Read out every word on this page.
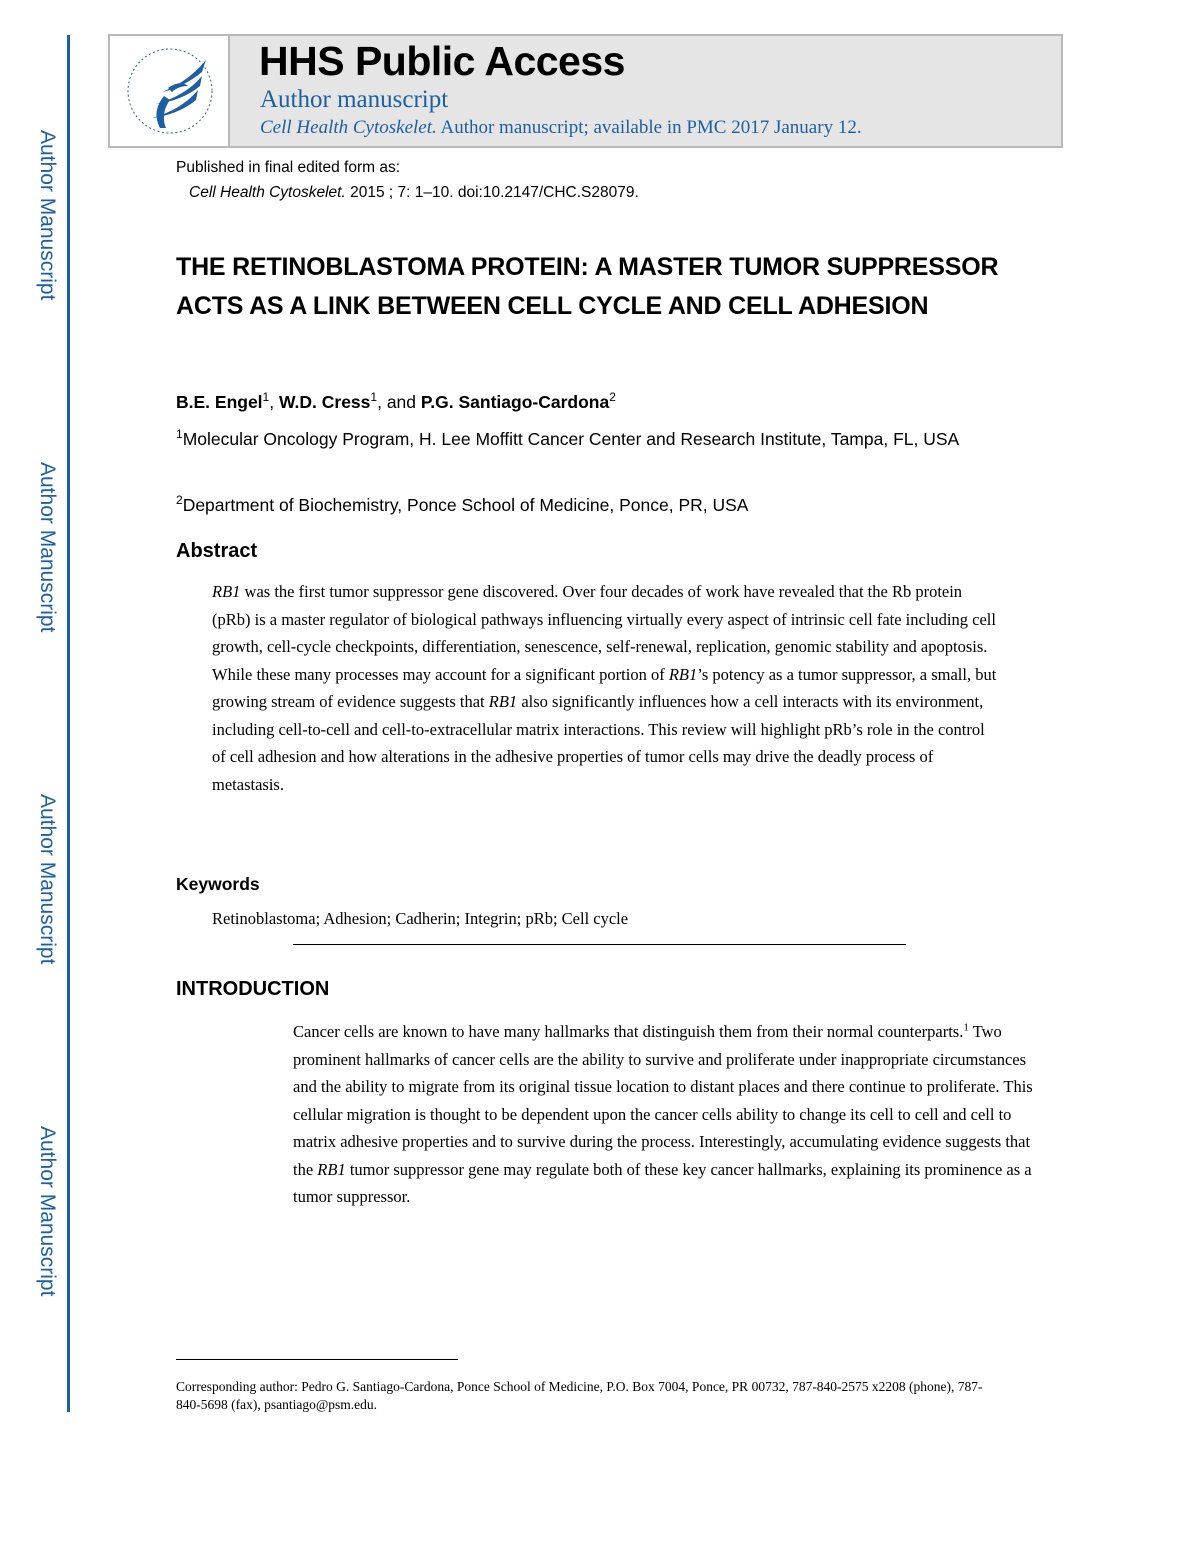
Author Manuscript
Author Manuscript
Author Manuscript
Author Manuscript
HHS Public Access
Author manuscript
Cell Health Cytoskelet. Author manuscript; available in PMC 2017 January 12.
Published in final edited form as:
Cell Health Cytoskelet. 2015 ; 7: 1–10. doi:10.2147/CHC.S28079.
THE RETINOBLASTOMA PROTEIN: A MASTER TUMOR SUPPRESSOR ACTS AS A LINK BETWEEN CELL CYCLE AND CELL ADHESION
B.E. Engel$^1$, W.D. Cress$^1$, and P.G. Santiago-Cardona$^2$
$^1$Molecular Oncology Program, H. Lee Moffitt Cancer Center and Research Institute, Tampa, FL, USA
$^2$Department of Biochemistry, Ponce School of Medicine, Ponce, PR, USA
Abstract
RB1 was the first tumor suppressor gene discovered. Over four decades of work have revealed that the Rb protein (pRb) is a master regulator of biological pathways influencing virtually every aspect of intrinsic cell fate including cell growth, cell-cycle checkpoints, differentiation, senescence, self-renewal, replication, genomic stability and apoptosis. While these many processes may account for a significant portion of RB1’s potency as a tumor suppressor, a small, but growing stream of evidence suggests that RB1 also significantly influences how a cell interacts with its environment, including cell-to-cell and cell-to-extracellular matrix interactions. This review will highlight pRb’s role in the control of cell adhesion and how alterations in the adhesive properties of tumor cells may drive the deadly process of metastasis.
Keywords
Retinoblastoma; Adhesion; Cadherin; Integrin; pRb; Cell cycle
INTRODUCTION
Cancer cells are known to have many hallmarks that distinguish them from their normal counterparts.$^1$ Two prominent hallmarks of cancer cells are the ability to survive and proliferate under inappropriate circumstances and the ability to migrate from its original tissue location to distant places and there continue to proliferate. This cellular migration is thought to be dependent upon the cancer cells ability to change its cell to cell and cell to matrix adhesive properties and to survive during the process. Interestingly, accumulating evidence suggests that the RB1 tumor suppressor gene may regulate both of these key cancer hallmarks, explaining its prominence as a tumor suppressor.
Corresponding author: Pedro G. Santiago-Cardona, Ponce School of Medicine, P.O. Box 7004, Ponce, PR 00732, 787-840-2575 x2208 (phone), 787-840-5698 (fax), psantiago@psm.edu.
